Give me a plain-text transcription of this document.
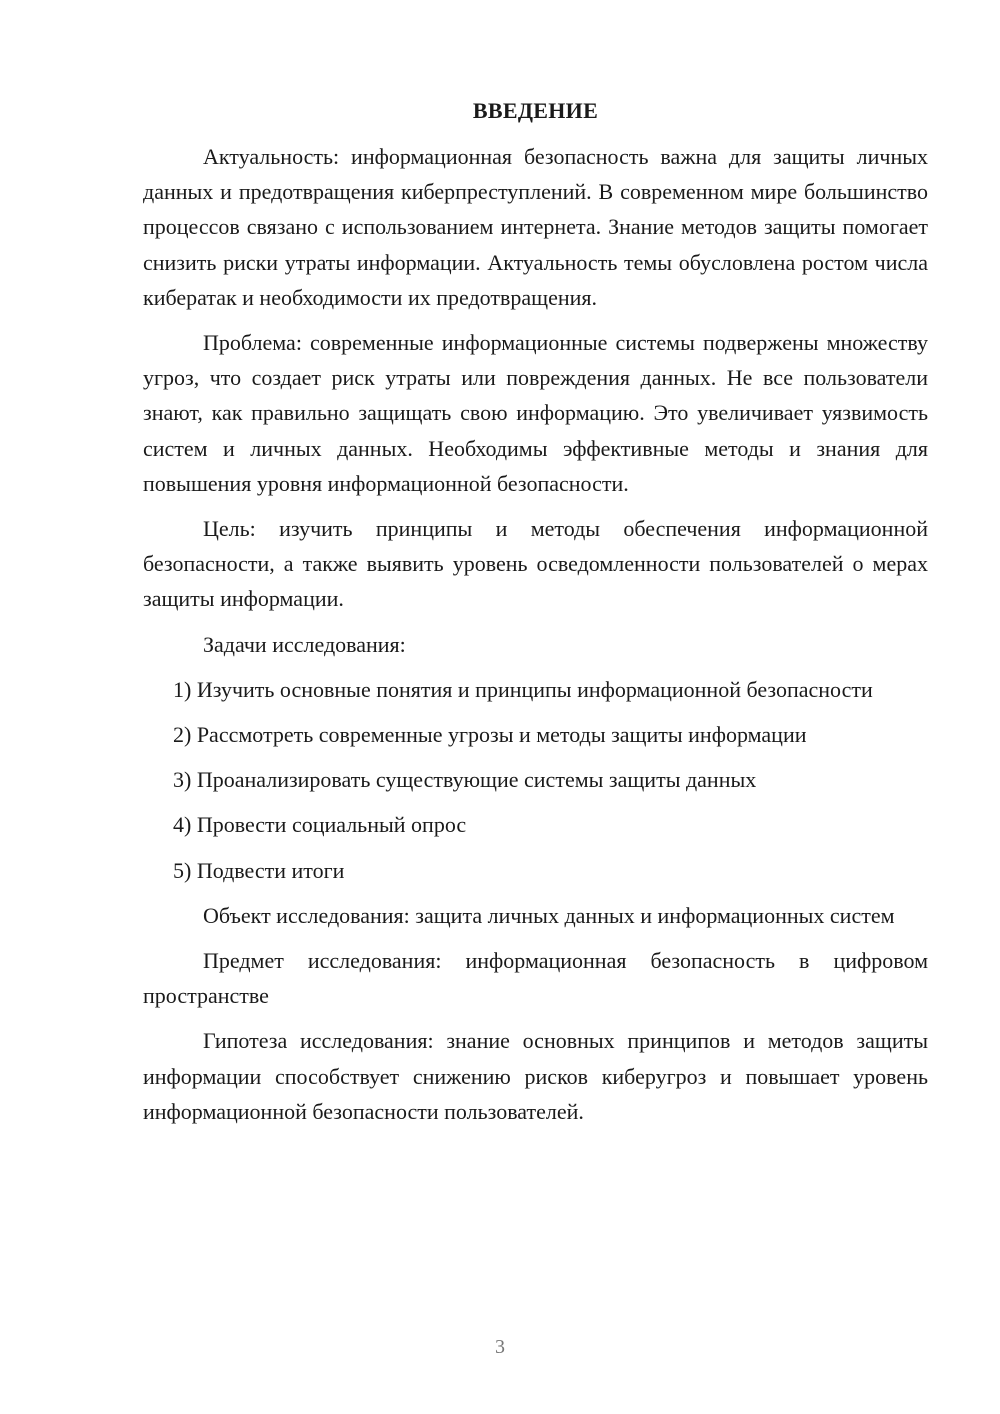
ВВЕДЕНИЕ

Актуальность: информационная безопасность важна для защиты личных данных и предотвращения киберпреступлений. В современном мире большинство процессов связано с использованием интернета. Знание методов защиты помогает снизить риски утраты информации. Актуальность темы обусловлена ростом числа кибератак и необходимости их предотвращения.

Проблема: современные информационные системы подвержены множеству угроз, что создает риск утраты или повреждения данных. Не все пользователи знают, как правильно защищать свою информацию. Это увеличивает уязвимость систем и личных данных. Необходимы эффективные методы и знания для повышения уровня информационной безопасности.

Цель: изучить принципы и методы обеспечения информационной безопасности, а также выявить уровень осведомленности пользователей о мерах защиты информации.

Задачи исследования:

1) Изучить основные понятия и принципы информационной безопасности

2) Рассмотреть современные угрозы и методы защиты информации

3) Проанализировать существующие системы защиты данных

4) Провести социальный опрос

5) Подвести итоги

Объект исследования: защита личных данных и информационных систем

Предмет исследования: информационная безопасность в цифровом пространстве

Гипотеза исследования: знание основных принципов и методов защиты информации способствует снижению рисков киберугроз и повышает уровень информационной безопасности пользователей.

3
